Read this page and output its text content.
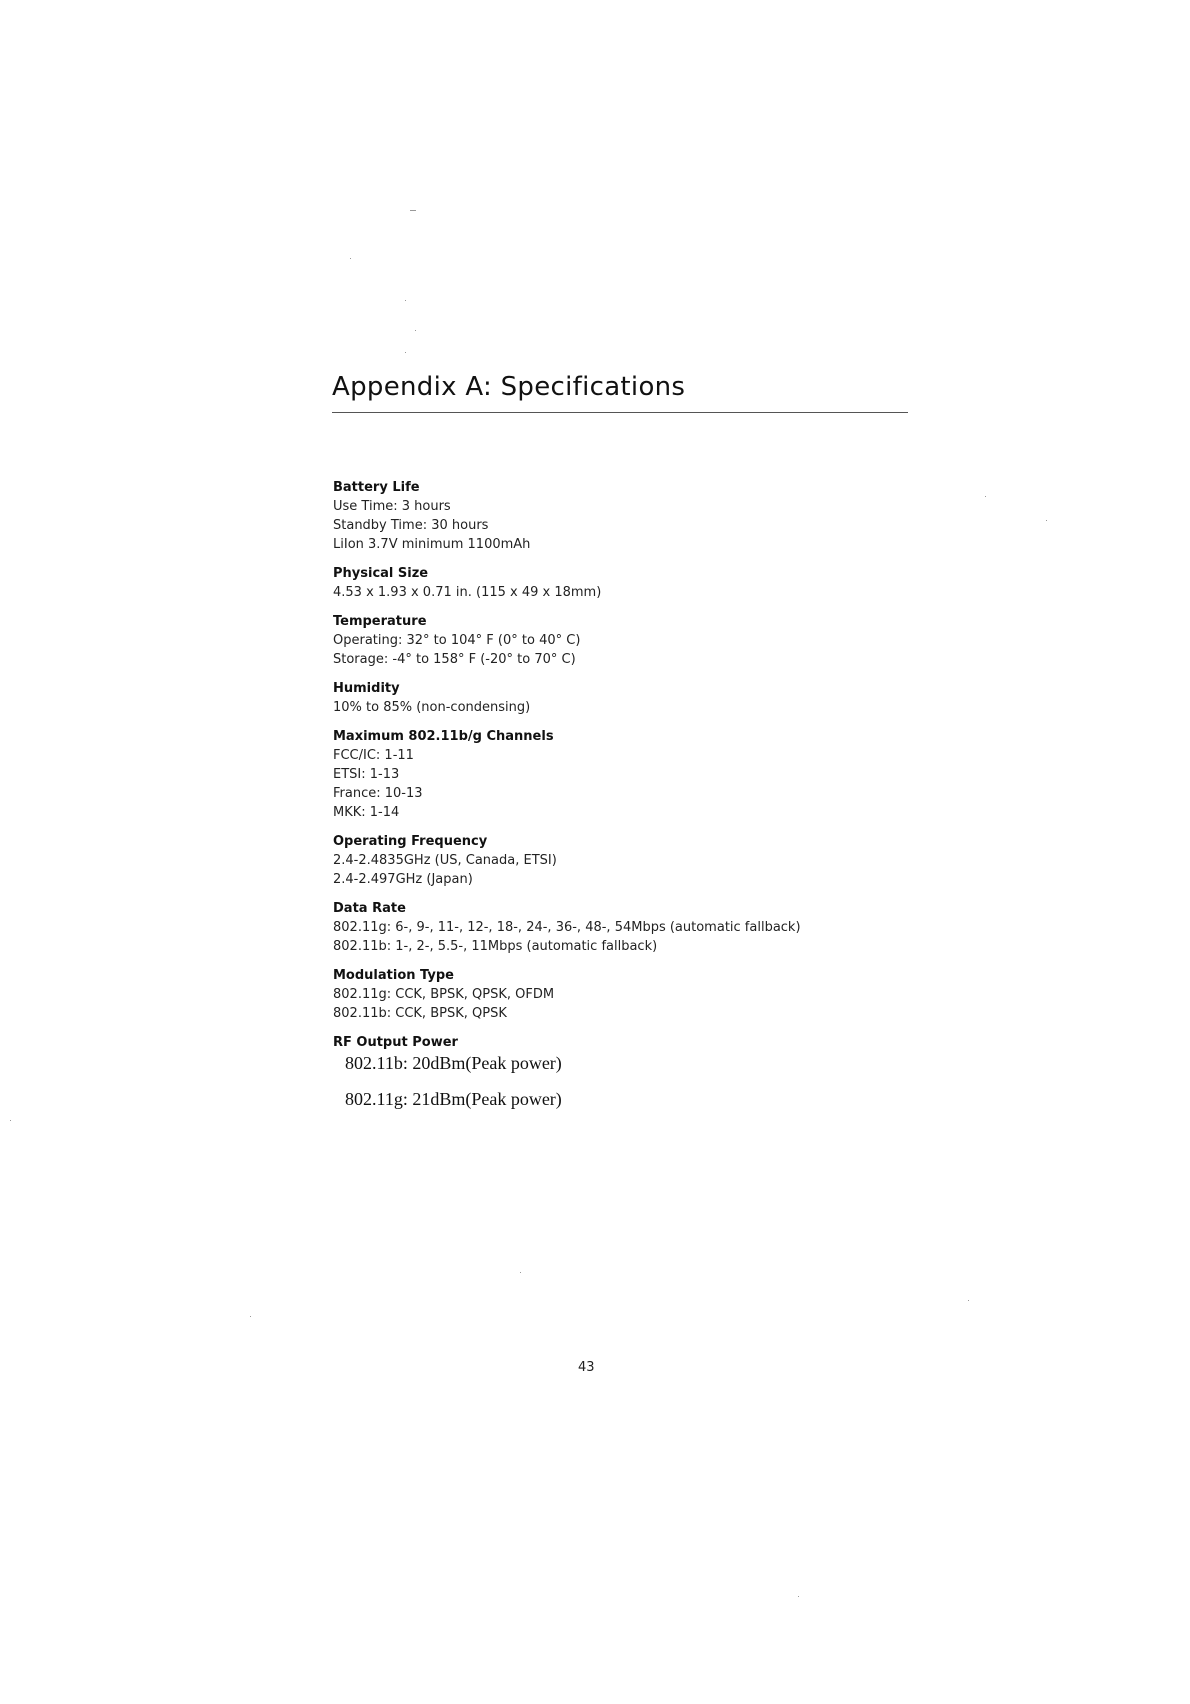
Appendix A: Specifications

Battery Life

Use Time: 3 hours

Standby Time: 30 hours

LiIon 3.7V minimum 1100mAh

Physical Size

4.53 x 1.93 x 0.71 in. (115 x 49 x 18mm)

Temperature

Operating: 32° to 104° F (0° to 40° C)

Storage: -4° to 158° F (-20° to 70° C)

Humidity

10% to 85% (non-condensing)

Maximum 802.11b/g Channels

FCC/IC: 1-11

ETSI: 1-13

France: 10-13

MKK: 1-14

Operating Frequency

2.4-2.4835GHz (US, Canada, ETSI)

2.4-2.497GHz (Japan)

Data Rate

802.11g: 6-, 9-, 11-, 12-, 18-, 24-, 36-, 48-, 54Mbps (automatic fallback)

802.11b: 1-, 2-, 5.5-, 11Mbps (automatic fallback)

Modulation Type

802.11g: CCK, BPSK, QPSK, OFDM

802.11b: CCK, BPSK, QPSK

RF Output Power

802.11b: 20dBm(Peak power)

802.11g: 21dBm(Peak power)

43
